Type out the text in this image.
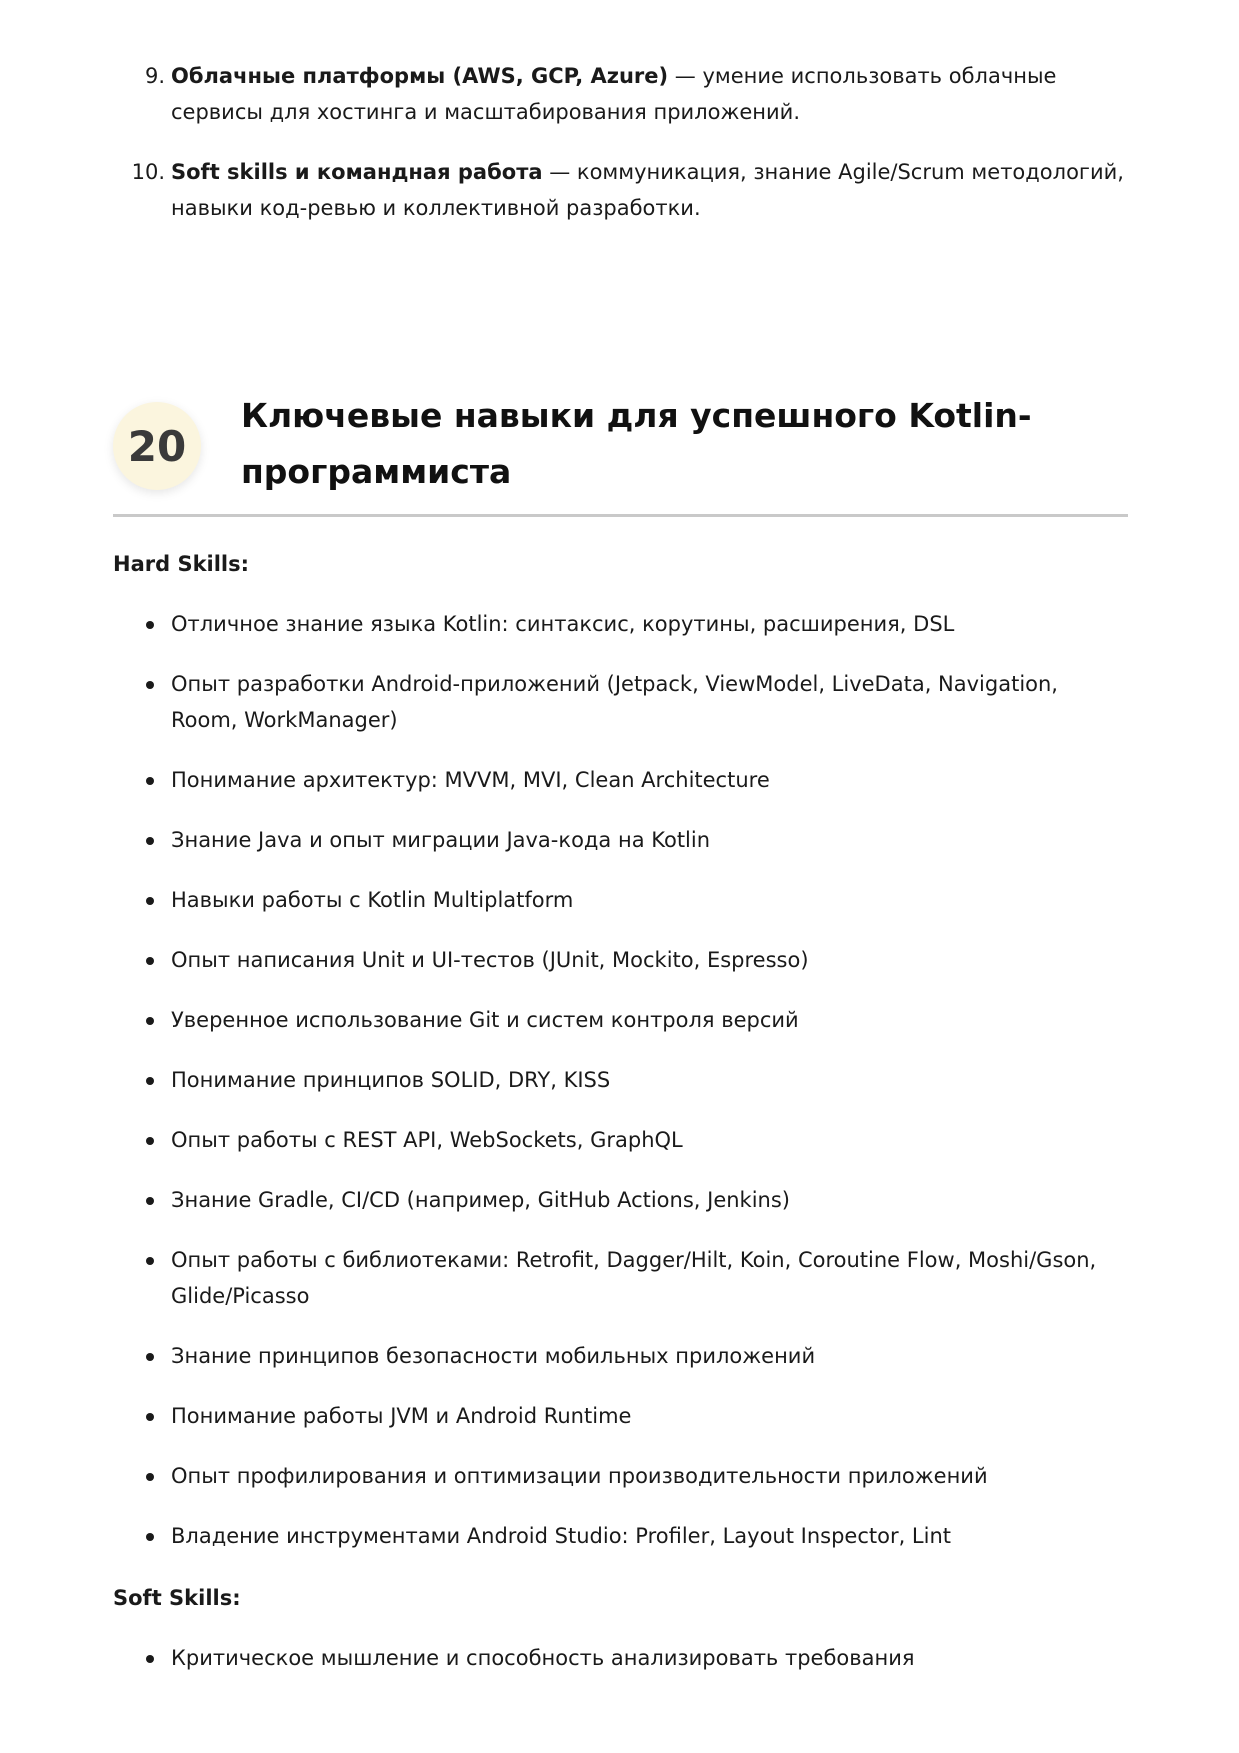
9. Облачные платформы (AWS, GCP, Azure) — умение использовать облачные сервисы для хостинга и масштабирования приложений.
10. Soft skills и командная работа — коммуникация, знание Agile/Scrum методологий, навыки код-ревью и коллективной разработки.
20
Ключевые навыки для успешного Kotlin-программиста

Hard Skills:

Отличное знание языка Kotlin: синтаксис, корутины, расширения, DSL
Опыт разработки Android-приложений (Jetpack, ViewModel, LiveData, Navigation, Room, WorkManager)
Понимание архитектур: MVVM, MVI, Clean Architecture
Знание Java и опыт миграции Java-кода на Kotlin
Навыки работы с Kotlin Multiplatform
Опыт написания Unit и UI-тестов (JUnit, Mockito, Espresso)
Уверенное использование Git и систем контроля версий
Понимание принципов SOLID, DRY, KISS
Опыт работы с REST API, WebSockets, GraphQL
Знание Gradle, CI/CD (например, GitHub Actions, Jenkins)
Опыт работы с библиотеками: Retrofit, Dagger/Hilt, Koin, Coroutine Flow, Moshi/Gson, Glide/Picasso
Знание принципов безопасности мобильных приложений
Понимание работы JVM и Android Runtime
Опыт профилирования и оптимизации производительности приложений
Владение инструментами Android Studio: Profiler, Layout Inspector, Lint

Soft Skills:

Критическое мышление и способность анализировать требования
